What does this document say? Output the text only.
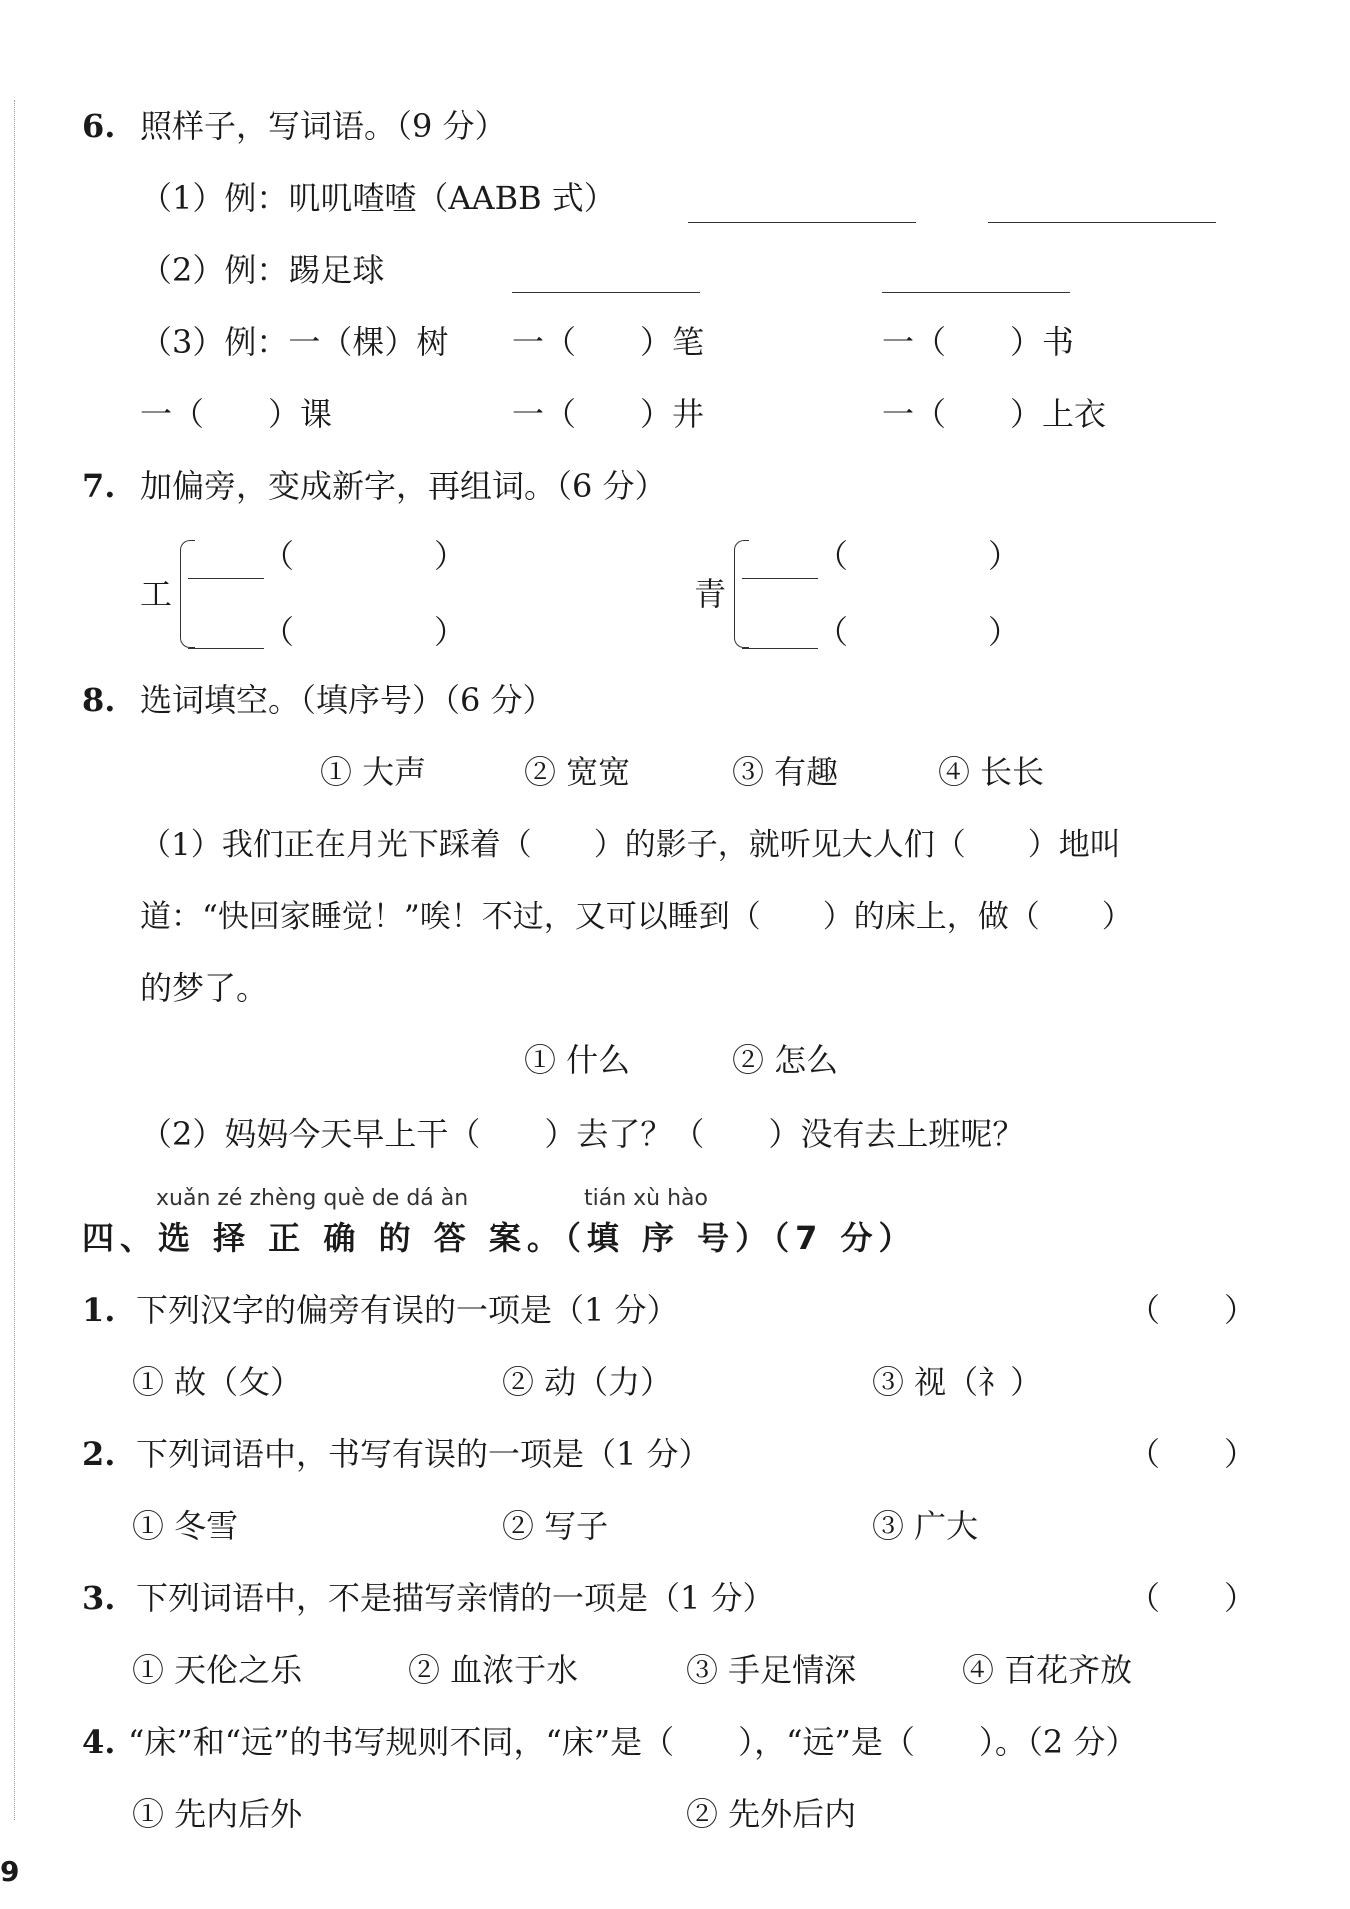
6. 照样子，写词语。（9 分）
（1）例：叽叽喳喳（AABB 式）
（2）例：踢足球
（3）例：一（棵）树 一（　　）笔	一（　　）书
一（　　）课	一（　　）井	一（　　）上衣
7. 加偏旁，变成新字，再组词。（6 分）
工
（	）
（	）
青
（	）
（	）
8. 选词填空。（填序号）（6 分）
① 大声	② 宽宽	③ 有趣	④ 长长
（1）我们正在月光下踩着（　　）的影子，就听见大人们（　　）地叫
道：“快回家睡觉！”唉！不过，又可以睡到（　　）的床上，做（　　）
的梦了。
① 什么	② 怎么
（2）妈妈今天早上干（　　）去了？（　　）没有去上班呢？
xuǎn zé zhèng què de dá àn	tián xù hào
四、选 择 正 确 的 答 案。（填 序 号）（7 分）
1. 下列汉字的偏旁有误的一项是（1 分）	（　　）
① 故（攵）	② 动（力）	③ 视（礻）
2. 下列词语中，书写有误的一项是（1 分）	（　　）
① 冬雪	② 写子	③ 广大
3. 下列词语中，不是描写亲情的一项是（1 分）	（　　）
① 天伦之乐	② 血浓于水	③ 手足情深	④ 百花齐放
4. “床”和“远”的书写规则不同，“床”是（　　），“远”是（　　）。（2 分）
① 先内后外	② 先外后内
9
